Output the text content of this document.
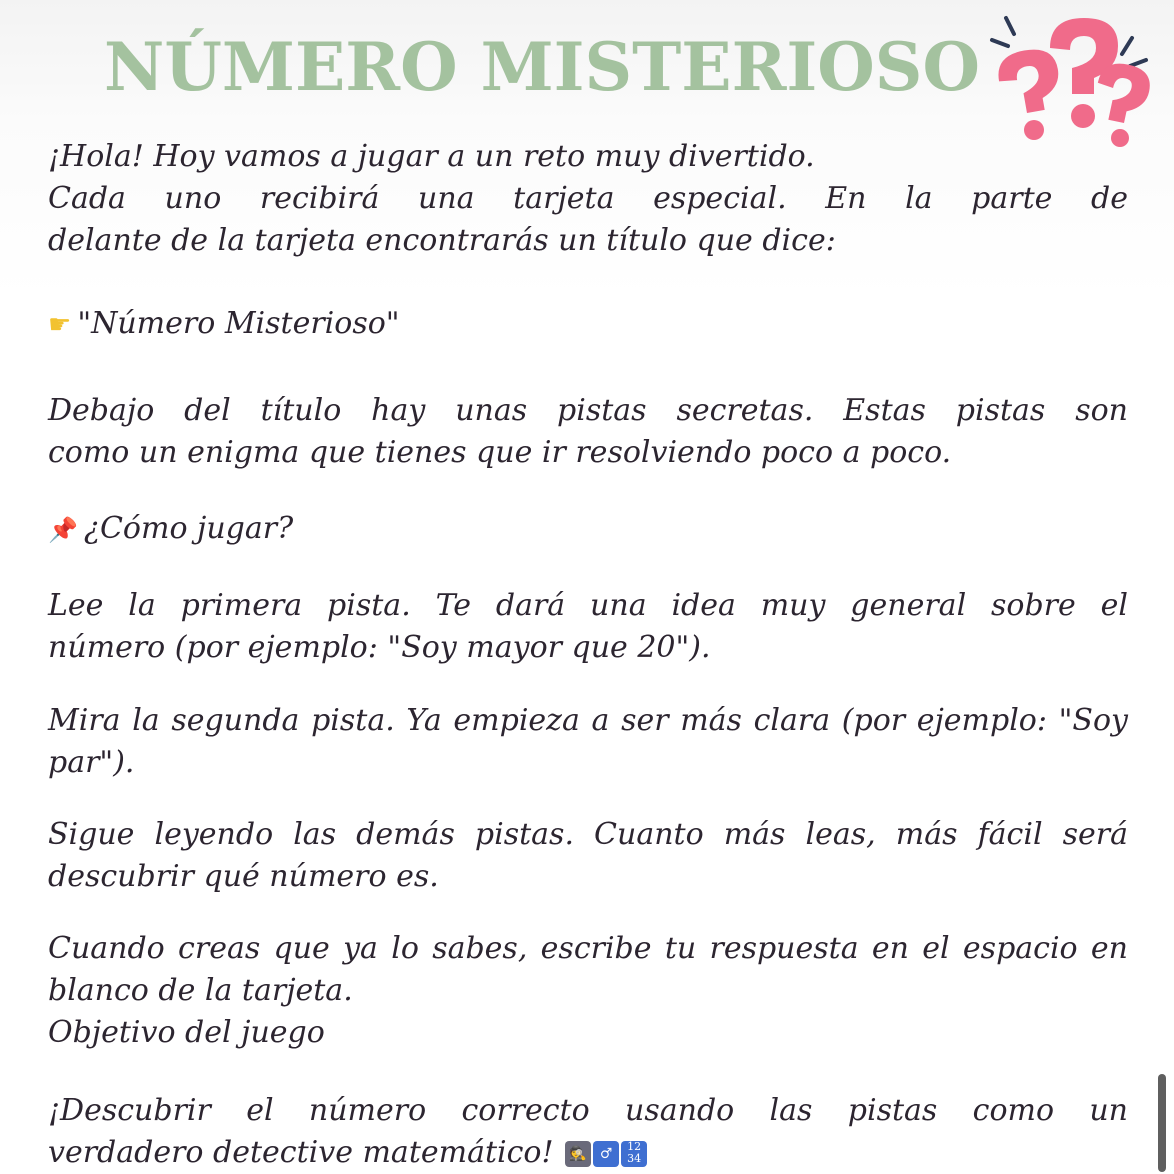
NÚMERO MISTERIOSO
¡Hola! Hoy vamos a jugar a un reto muy divertido.
Cada uno recibirá una tarjeta especial. En la parte de
delante de la tarjeta encontrarás un título que dice:
☛ "Número Misterioso"
Debajo del título hay unas pistas secretas. Estas pistas son
como un enigma que tienes que ir resolviendo poco a poco.
📌 ¿Cómo jugar?
Lee la primera pista. Te dará una idea muy general sobre el
número (por ejemplo: "Soy mayor que 20").
Mira la segunda pista. Ya empieza a ser más clara (por ejemplo: "Soy
par").
Sigue leyendo las demás pistas. Cuanto más leas, más fácil será
descubrir qué número es.
Cuando creas que ya lo sabes, escribe tu respuesta en el espacio en
blanco de la tarjeta.
Objetivo del juego
¡Descubrir el número correcto usando las pistas como un
verdadero detective matemático! 🕵 ♂ 12
34
